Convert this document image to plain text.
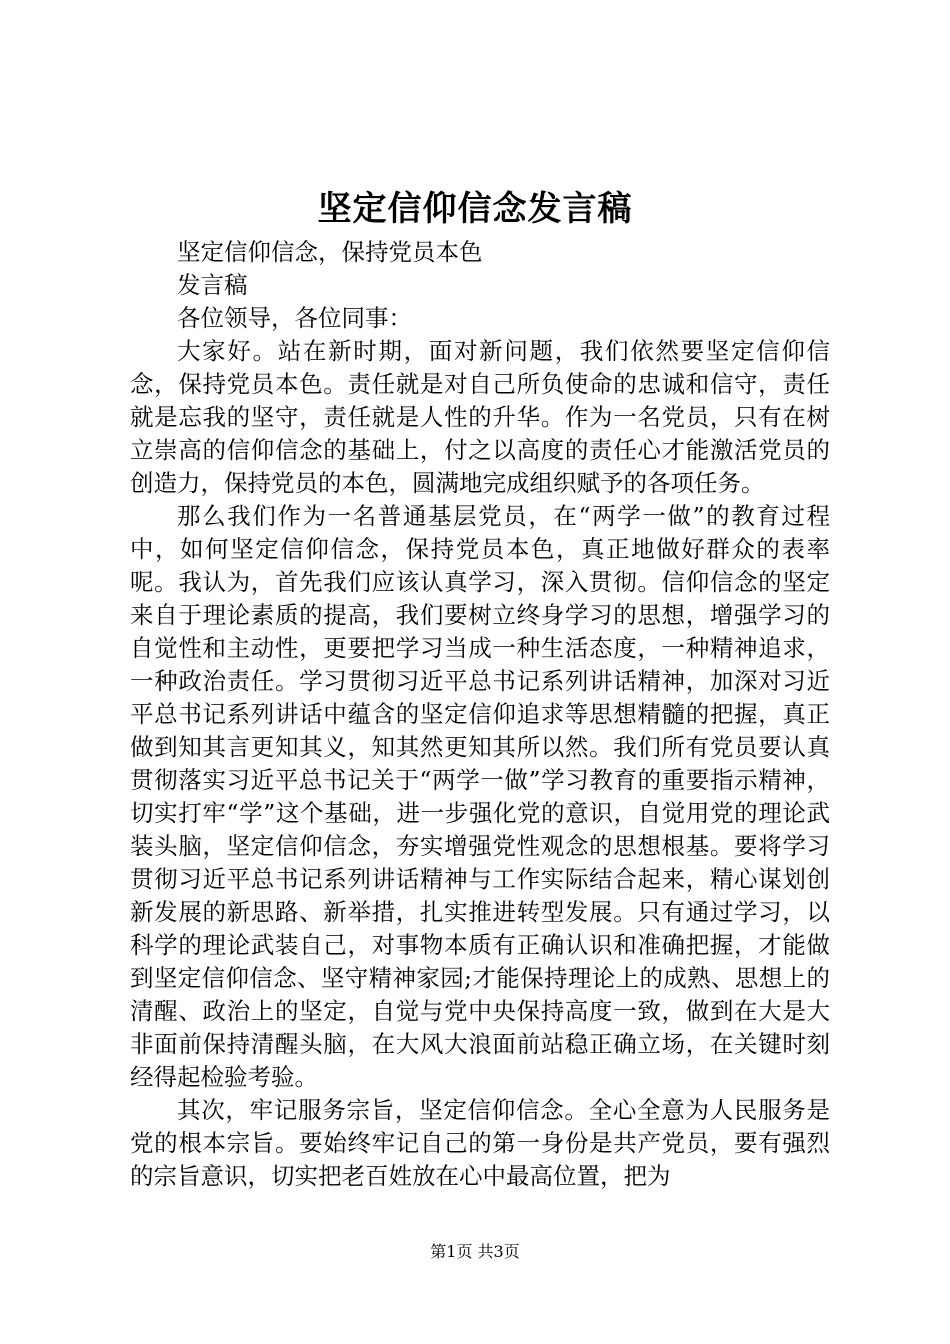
坚定信仰信念发言稿

坚定信仰信念，保持党员本色

发言稿

各位领导，各位同事：

大家好。站在新时期，面对新问题，我们依然要坚定信仰信念，保持党员本色。责任就是对自己所负使命的忠诚和信守，责任就是忘我的坚守，责任就是人性的升华。作为一名党员，只有在树立崇高的信仰信念的基础上，付之以高度的责任心才能激活党员的创造力，保持党员的本色，圆满地完成组织赋予的各项任务。

那么我们作为一名普通基层党员，在“两学一做”的教育过程中，如何坚定信仰信念，保持党员本色，真正地做好群众的表率呢。我认为，首先我们应该认真学习，深入贯彻。信仰信念的坚定来自于理论素质的提高，我们要树立终身学习的思想，增强学习的自觉性和主动性，更要把学习当成一种生活态度，一种精神追求，一种政治责任。学习贯彻习近平总书记系列讲话精神，加深对习近平总书记系列讲话中蕴含的坚定信仰追求等思想精髓的把握，真正做到知其言更知其义，知其然更知其所以然。我们所有党员要认真贯彻落实习近平总书记关于“两学一做”学习教育的重要指示精神，切实打牢“学”这个基础，进一步强化党的意识，自觉用党的理论武装头脑，坚定信仰信念，夯实增强党性观念的思想根基。要将学习贯彻习近平总书记系列讲话精神与工作实际结合起来，精心谋划创新发展的新思路、新举措，扎实推进转型发展。只有通过学习，以科学的理论武装自己，对事物本质有正确认识和准确把握，才能做到坚定信仰信念、坚守精神家园;才能保持理论上的成熟、思想上的清醒、政治上的坚定，自觉与党中央保持高度一致，做到在大是大非面前保持清醒头脑，在大风大浪面前站稳正确立场，在关键时刻经得起检验考验。

其次，牢记服务宗旨，坚定信仰信念。全心全意为人民服务是党的根本宗旨。要始终牢记自己的第一身份是共产党员，要有强烈的宗旨意识，切实把老百姓放在心中最高位置，把为

第1页 共3页
